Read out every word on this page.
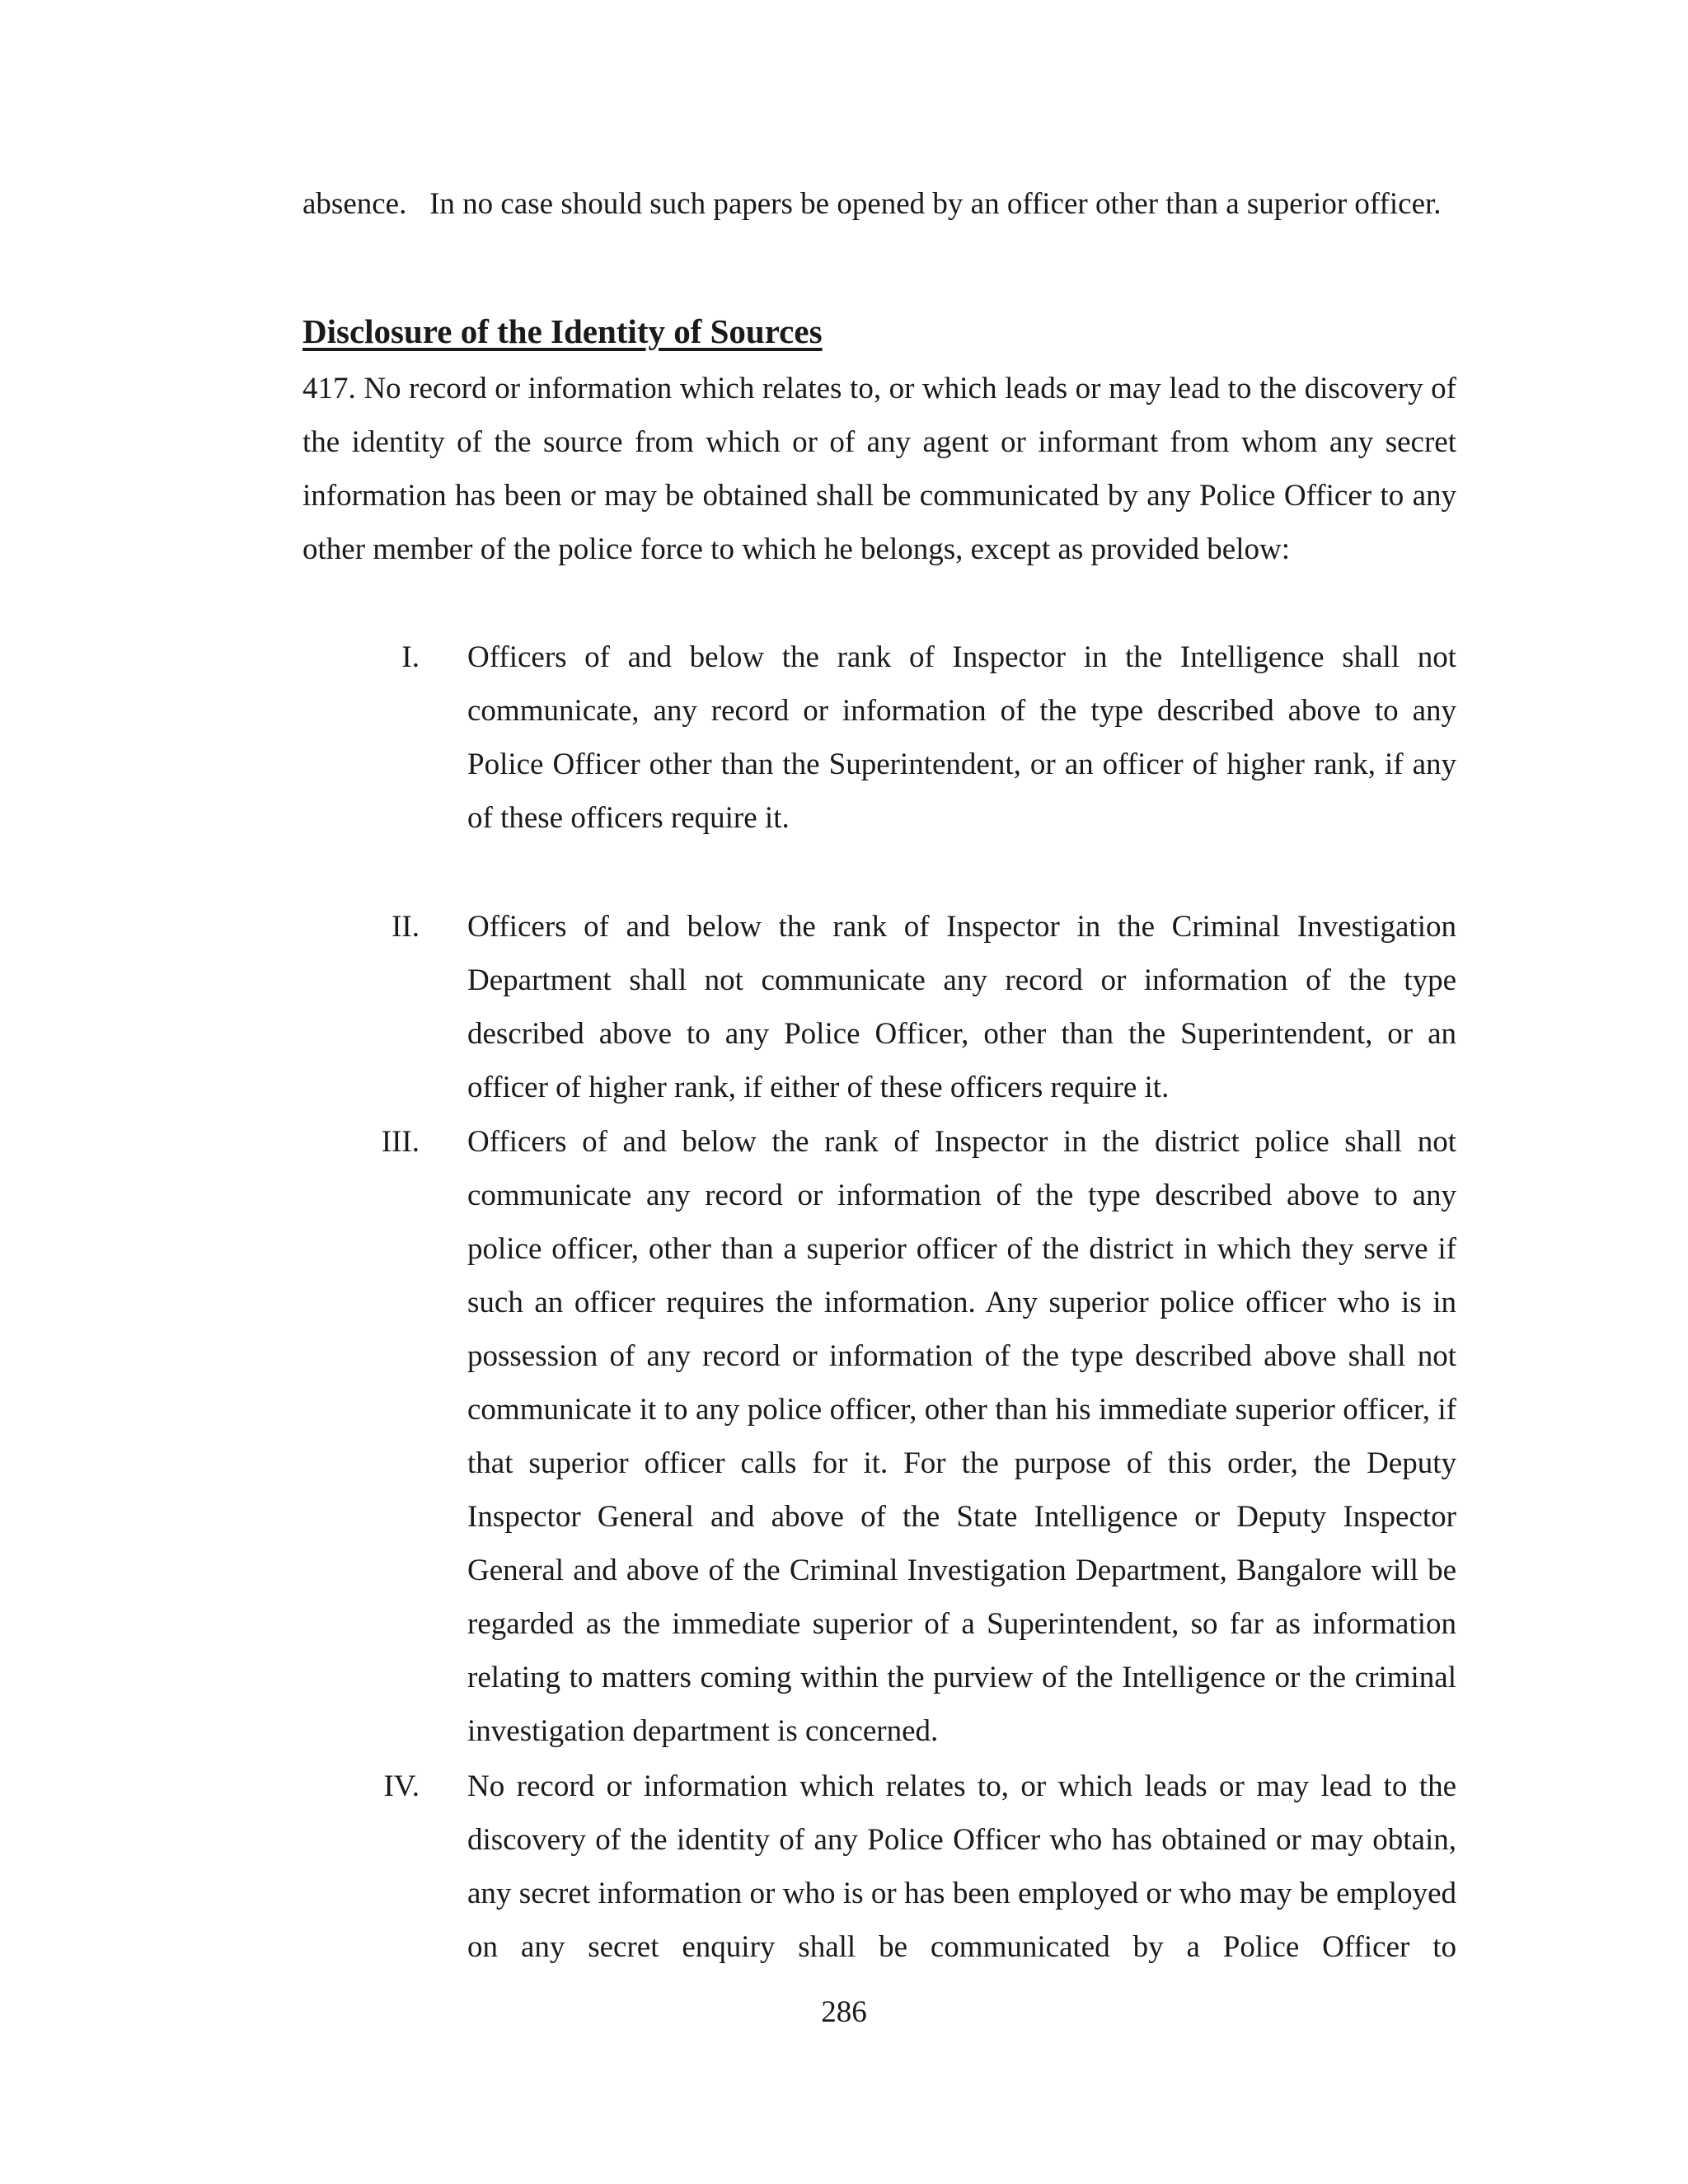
absence.   In no case should such papers be opened by an officer other than a superior officer.
Disclosure of the Identity of Sources
417. No record or information which relates to, or which leads or may lead to the discovery of the identity of the source from which or of any agent or informant from whom any secret information has been or may be obtained shall be communicated by any Police Officer to any other member of the police force to which he belongs, except as provided below:
I.	Officers of and below the rank of Inspector in the Intelligence shall not communicate, any record or information of the type described above to any Police Officer other than the Superintendent, or an officer of higher rank, if any of these officers require it.
II.	Officers of and below the rank of Inspector in the Criminal Investigation Department shall not communicate any record or information of the type described above to any Police Officer, other than the Superintendent, or an officer of higher rank, if either of these officers require it.
III.	Officers of and below the rank of Inspector in the district police shall not communicate any record or information of the type described above to any police officer, other than a superior officer of the district in which they serve if such an officer requires the information. Any superior police officer who is in possession of any record or information of the type described above shall not communicate it to any police officer, other than his immediate superior officer, if that superior officer calls for it. For the purpose of this order, the Deputy Inspector General and above of the State Intelligence or Deputy Inspector General and above of the Criminal Investigation Department, Bangalore will be regarded as the immediate superior of a Superintendent, so far as information relating to matters coming within the purview of the Intelligence or the criminal investigation department is concerned.
IV.	No record or information which relates to, or which leads or may lead to the discovery of the identity of any Police Officer who has obtained or may obtain, any secret information or who is or has been employed or who may be employed on any secret enquiry shall be communicated by a Police Officer to
286
